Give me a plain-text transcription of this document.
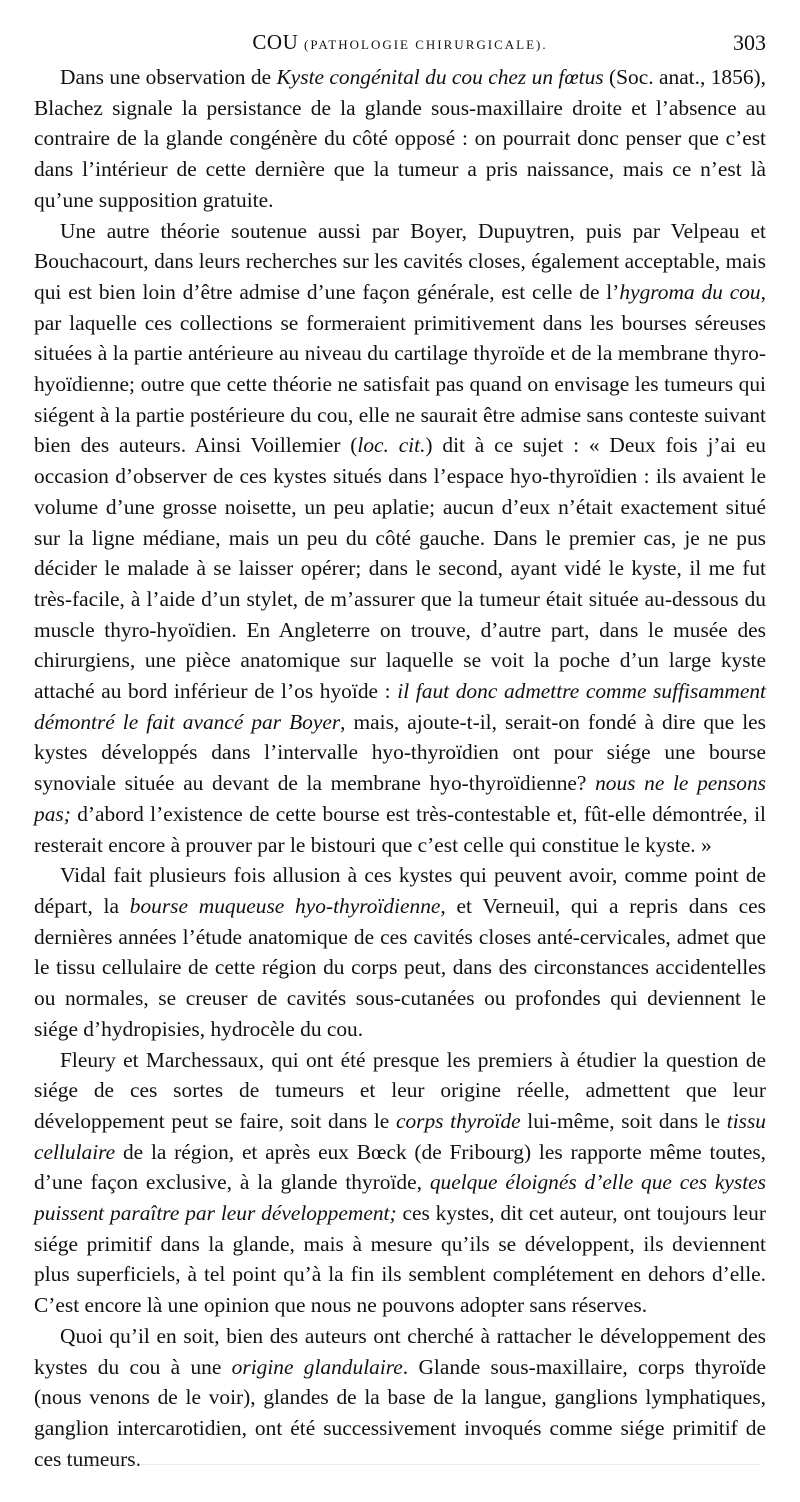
COU (PATHOLOGIE CHIRURGICALE).	303

Dans une observation de Kyste congénital du cou chez un fœtus (Soc. anat., 1856), Blachez signale la persistance de la glande sous-maxillaire droite et l’absence au contraire de la glande congénère du côté opposé : on pourrait donc penser que c’est dans l’intérieur de cette dernière que la tumeur a pris naissance, mais ce n’est là qu’une supposition gratuite.

Une autre théorie soutenue aussi par Boyer, Dupuytren, puis par Velpeau et Bouchacourt, dans leurs recherches sur les cavités closes, également acceptable, mais qui est bien loin d’être admise d’une façon générale, est celle de l’hygroma du cou, par laquelle ces collections se formeraient primitivement dans les bourses séreuses situées à la partie antérieure au niveau du cartilage thyroïde et de la membrane thyro-hyoïdienne; outre que cette théorie ne satisfait pas quand on envisage les tumeurs qui siégent à la partie postérieure du cou, elle ne saurait être admise sans conteste suivant bien des auteurs. Ainsi Voillemier (loc. cit.) dit à ce sujet : « Deux fois j’ai eu occasion d’observer de ces kystes situés dans l’espace hyo-thyroïdien : ils avaient le volume d’une grosse noisette, un peu aplatie; aucun d’eux n’était exactement situé sur la ligne médiane, mais un peu du côté gauche. Dans le premier cas, je ne pus décider le malade à se laisser opérer; dans le second, ayant vidé le kyste, il me fut très-facile, à l’aide d’un stylet, de m’assurer que la tumeur était située au-dessous du muscle thyro-hyoïdien. En Angleterre on trouve, d’autre part, dans le musée des chirurgiens, une pièce anatomique sur laquelle se voit la poche d’un large kyste attaché au bord inférieur de l’os hyoïde : il faut donc admettre comme suffisamment démontré le fait avancé par Boyer, mais, ajoute-t-il, serait-on fondé à dire que les kystes développés dans l’intervalle hyo-thyroïdien ont pour siége une bourse synoviale située au devant de la membrane hyo-thyroïdienne? nous ne le pensons pas; d’abord l’existence de cette bourse est très-contestable et, fût-elle démontrée, il resterait encore à prouver par le bistouri que c’est celle qui constitue le kyste. »

Vidal fait plusieurs fois allusion à ces kystes qui peuvent avoir, comme point de départ, la bourse muqueuse hyo-thyroïdienne, et Verneuil, qui a repris dans ces dernières années l’étude anatomique de ces cavités closes anté-cervicales, admet que le tissu cellulaire de cette région du corps peut, dans des circonstances accidentelles ou normales, se creuser de cavités sous-cutanées ou profondes qui deviennent le siége d’hydropisies, hydrocèle du cou.

Fleury et Marchessaux, qui ont été presque les premiers à étudier la question de siége de ces sortes de tumeurs et leur origine réelle, admettent que leur développement peut se faire, soit dans le corps thyroïde lui-même, soit dans le tissu cellulaire de la région, et après eux Bœck (de Fribourg) les rapporte même toutes, d’une façon exclusive, à la glande thyroïde, quelque éloignés d’elle que ces kystes puissent paraître par leur développement; ces kystes, dit cet auteur, ont toujours leur siége primitif dans la glande, mais à mesure qu’ils se développent, ils deviennent plus superficiels, à tel point qu’à la fin ils semblent complétement en dehors d’elle. C’est encore là une opinion que nous ne pouvons adopter sans réserves.

Quoi qu’il en soit, bien des auteurs ont cherché à rattacher le développement des kystes du cou à une origine glandulaire. Glande sous-maxillaire, corps thyroïde (nous venons de le voir), glandes de la base de la langue, ganglions lymphatiques, ganglion intercarotidien, ont été successivement invoqués comme siége primitif de ces tumeurs.
